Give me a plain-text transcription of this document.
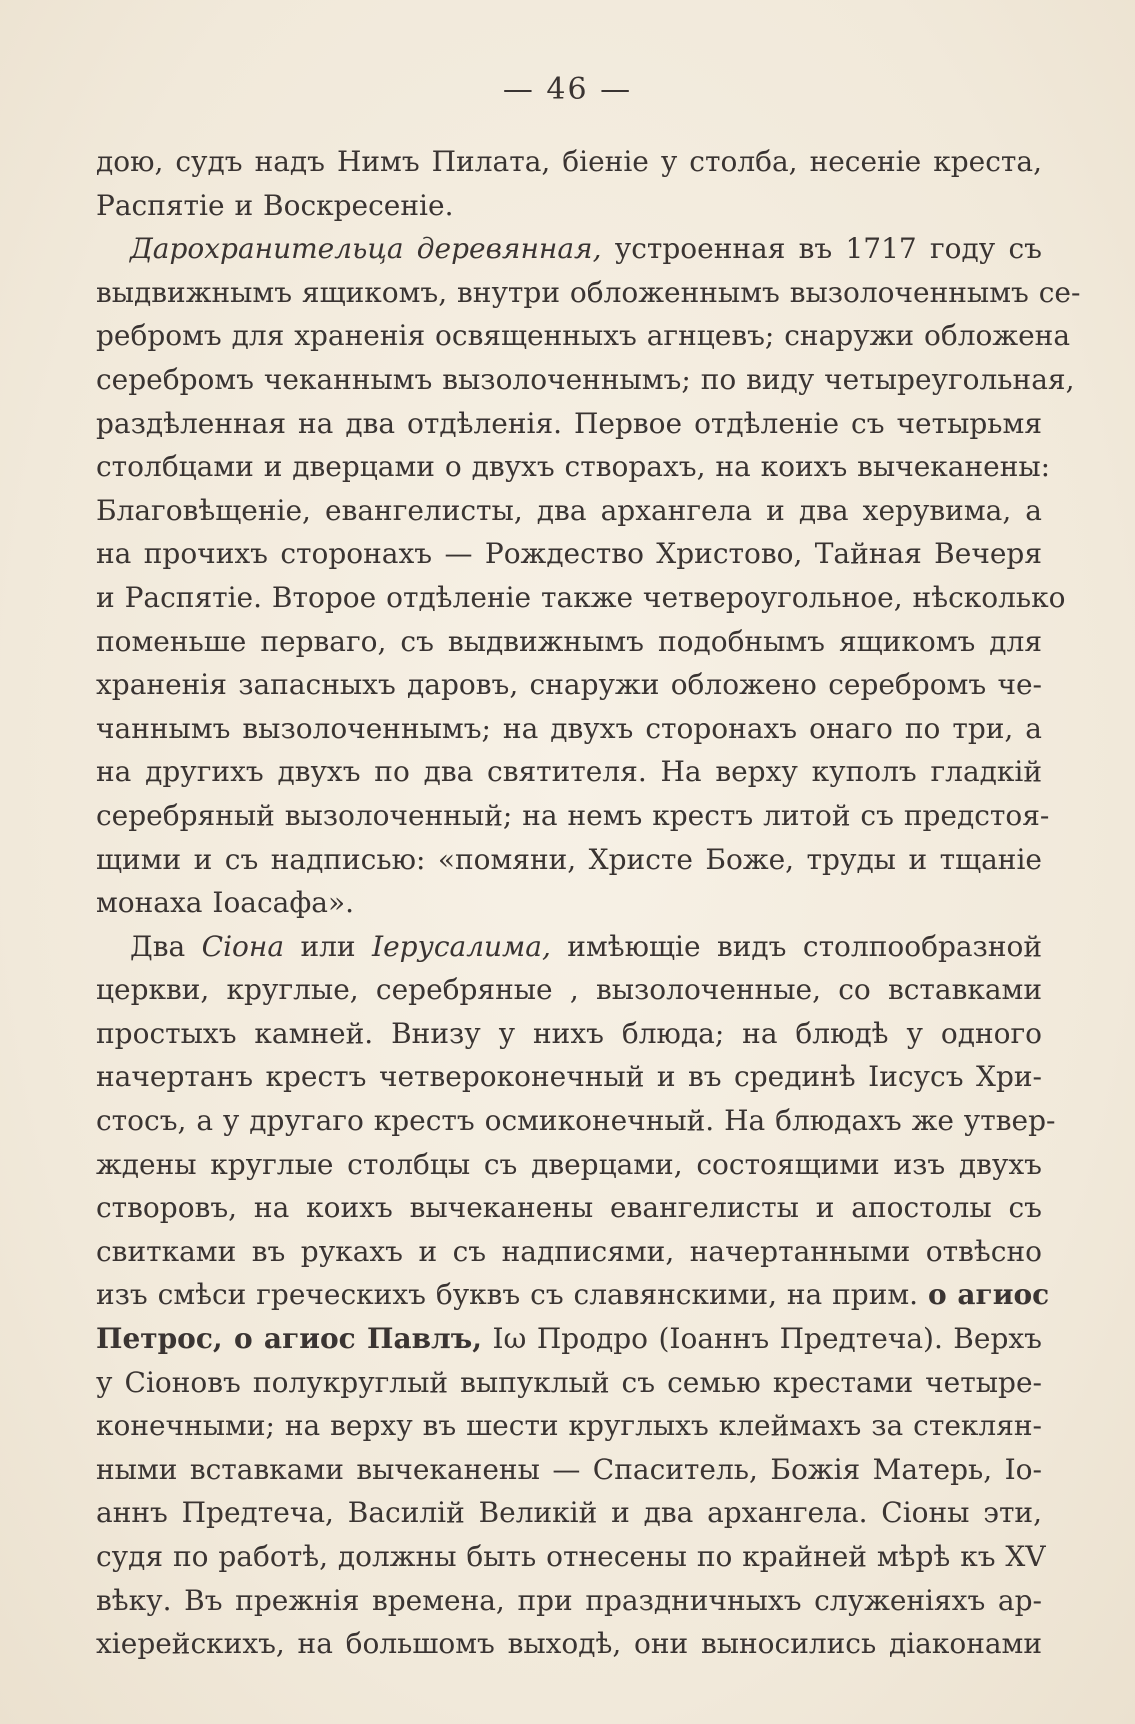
— 46 —
дою, судъ надъ Нимъ Пилата, біеніе у столба, несеніе креста,
Распятіе и Воскресеніе.
Дарохранительца деревянная, устроенная въ 1717 году съ
выдвижнымъ ящикомъ, внутри обложеннымъ вызолоченнымъ се-
ребромъ для храненія освященныхъ агнцевъ; снаружи обложена
серебромъ чеканнымъ вызолоченнымъ; по виду четыреугольная,
раздѣленная на два отдѣленія. Первое отдѣленіе съ четырьмя
столбцами и дверцами о двухъ створахъ, на коихъ вычеканены:
Благовѣщеніе, евангелисты, два архангела и два херувима, а
на прочихъ сторонахъ — Рождество Христово, Тайная Вечеря
и Распятіе. Второе отдѣленіе также четвероугольное, нѣсколько
поменьше перваго, съ выдвижнымъ подобнымъ ящикомъ для
храненія запасныхъ даровъ, снаружи обложено серебромъ че-
чаннымъ вызолоченнымъ; на двухъ сторонахъ онаго по три, а
на другихъ двухъ по два святителя. На верху куполъ гладкій
серебряный вызолоченный; на немъ крестъ литой съ предстоя-
щими и съ надписью: «помяни, Христе Боже, труды и тщаніе
монаха Іоасафа».
Два Сіона или Іерусалима, имѣющіе видъ столпообразной
церкви, круглые, серебряные , вызолоченные, со вставками
простыхъ камней. Внизу у нихъ блюда; на блюдѣ у одного
начертанъ крестъ четвероконечный и въ срединѣ Іисусъ Хри-
стосъ, а у другаго крестъ осмиконечный. На блюдахъ же утвер-
ждены круглые столбцы съ дверцами, состоящими изъ двухъ
створовъ, на коихъ вычеканены евангелисты и апостолы съ
свитками въ рукахъ и съ надписями, начертанными отвѣсно
изъ смѣси греческихъ буквъ съ славянскими, на прим. о агиос
Петрос, о агиос Павлъ, Іω Продро (Іоаннъ Предтеча). Верхъ
у Сіоновъ полукруглый выпуклый съ семью крестами четыре-
конечными; на верху въ шести круглыхъ клеймахъ за стеклян-
ными вставками вычеканены — Спаситель, Божія Матерь, Іо-
аннъ Предтеча, Василій Великій и два архангела. Сіоны эти,
судя по работѣ, должны быть отнесены по крайней мѣрѣ къ XV
вѣку. Въ прежнія времена, при праздничныхъ служеніяхъ ар-
хіерейскихъ, на большомъ выходѣ, они выносились діаконами
